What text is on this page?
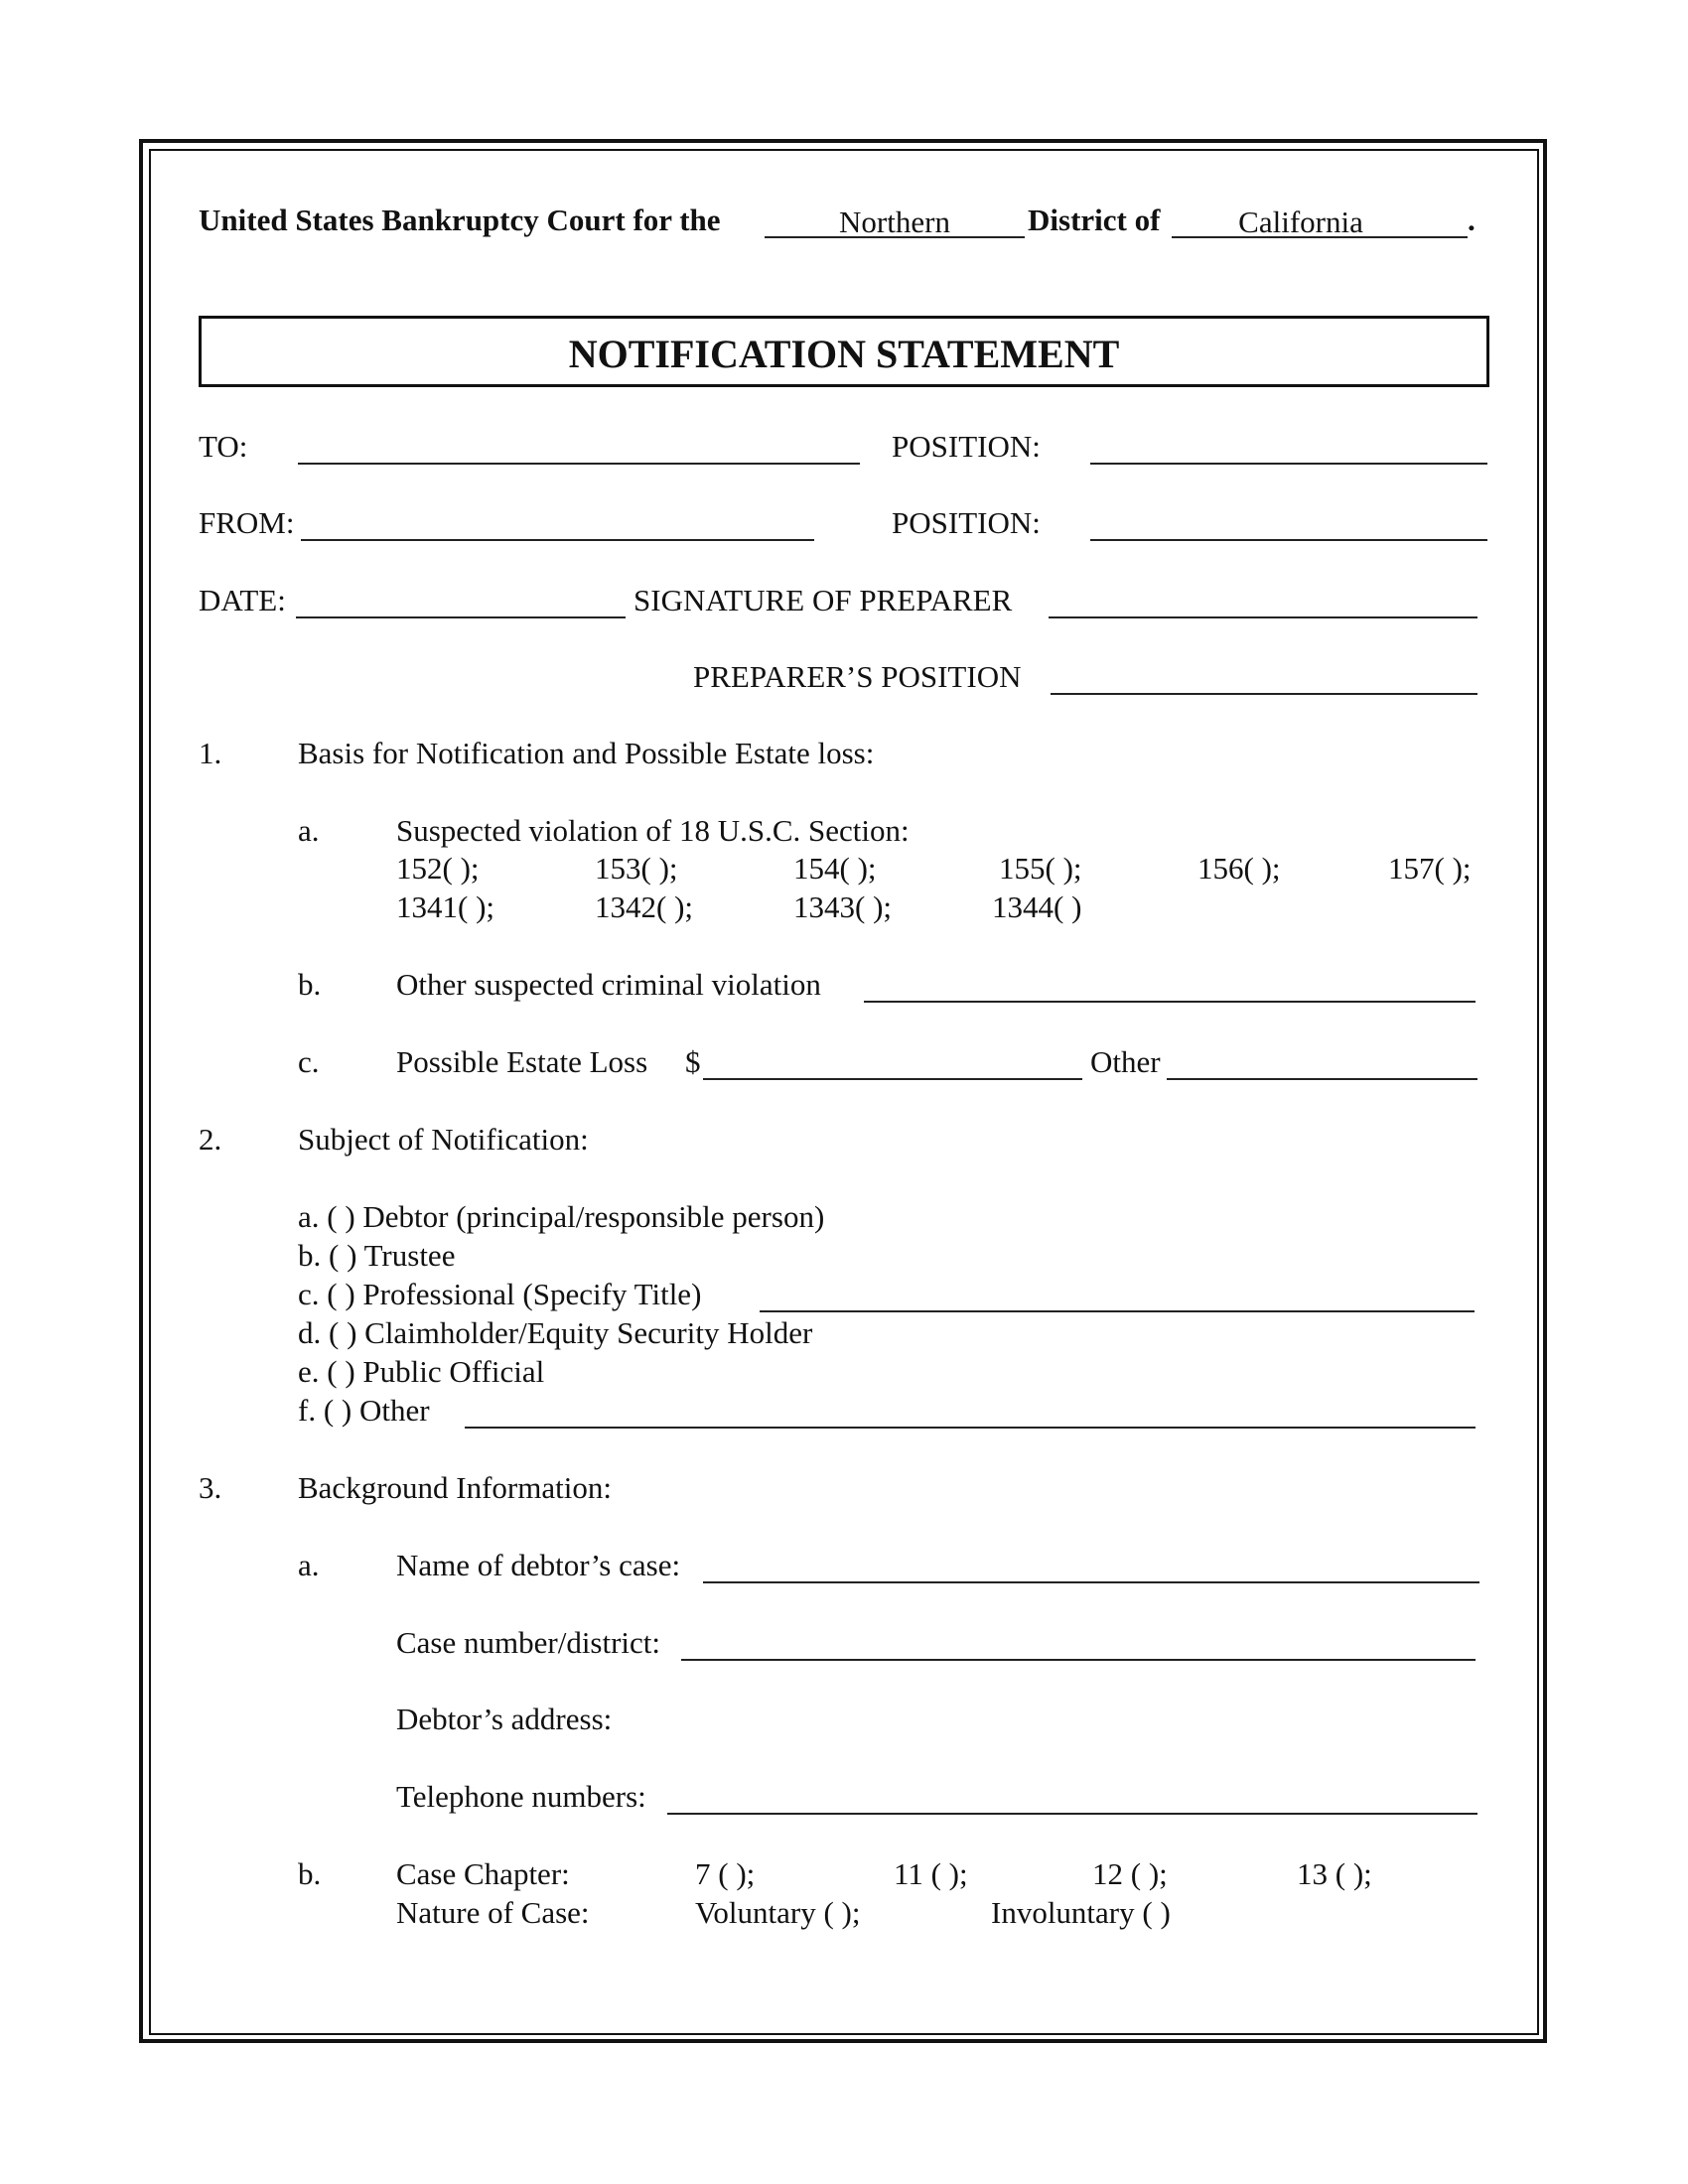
United States Bankruptcy Court for the	Northern	District of	California	.
NOTIFICATION STATEMENT
TO:	POSITION:
FROM:	POSITION:
DATE:	SIGNATURE OF PREPARER
PREPARER’S POSITION
1. Basis for Notification and Possible Estate loss:
a. Suspected violation of 18 U.S.C. Section:
152( );	153( );	154( );	155( );	156( );	157( );
1341( );	1342( );	1343( );	1344( )
b. Other suspected criminal violation
c. Possible Estate Loss $	Other
2. Subject of Notification:
a. ( ) Debtor (principal/responsible person)
b. ( ) Trustee
c. ( ) Professional (Specify Title)
d. ( ) Claimholder/Equity Security Holder
e. ( ) Public Official
f. ( ) Other
3. Background Information:
a. Name of debtor’s case:
Case number/district:
Debtor’s address:
Telephone numbers:
b. Case Chapter:	7 ( );	11 ( );	12 ( );	13 ( );
Nature of Case:	Voluntary ( );	Involuntary ( )
